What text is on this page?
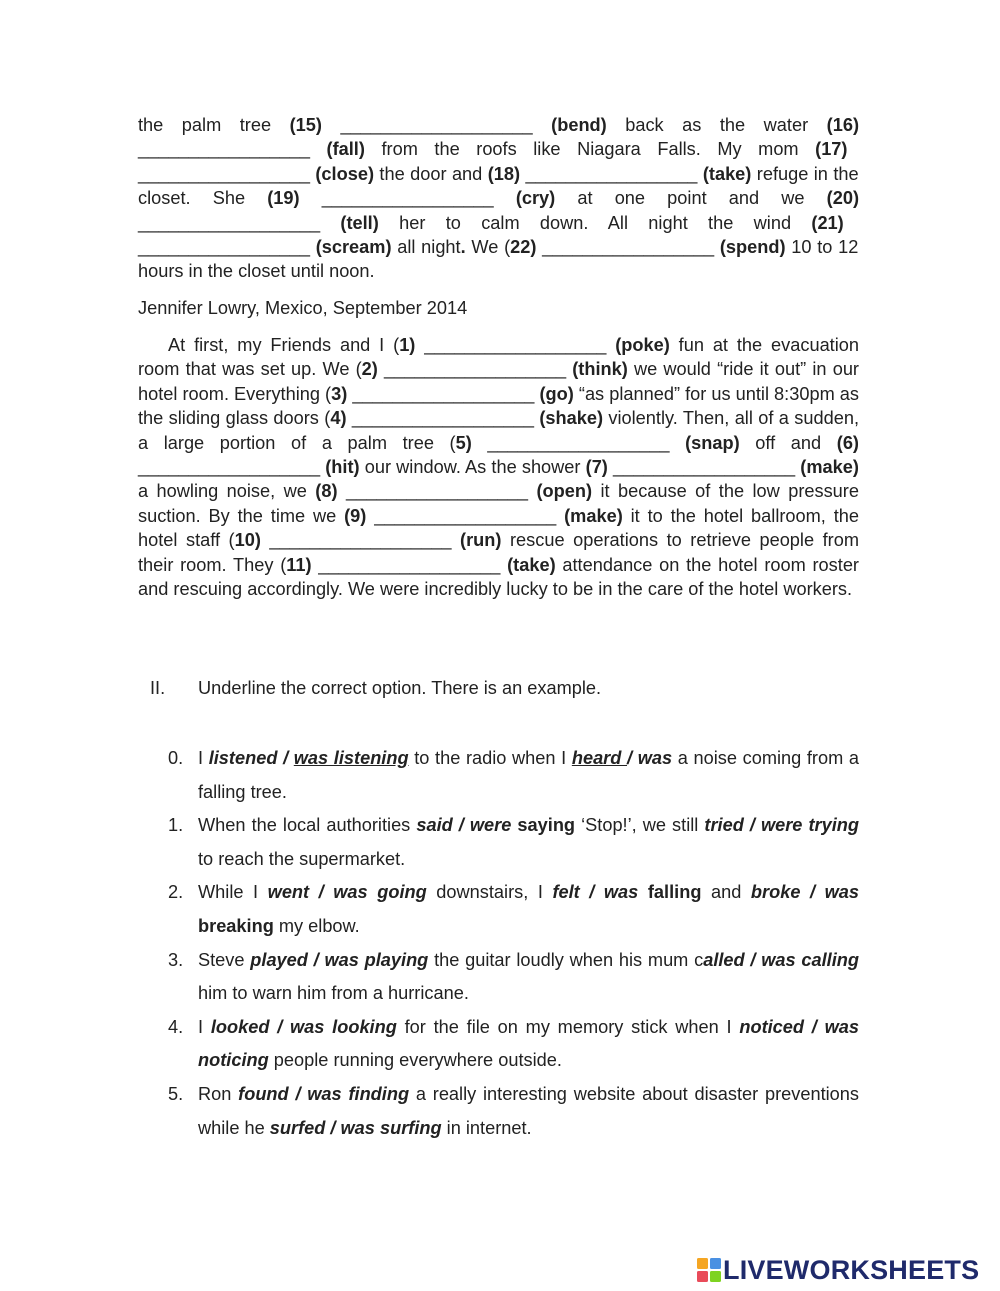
the palm tree (15) ___________________ (bend) back as the water (16) _________________ (fall) from the roofs like Niagara Falls. My mom (17) _________________ (close) the door and (18) _________________ (take) refuge in the closet. She (19) _________________ (cry) at one point and we (20) __________________ (tell) her to calm down. All night the wind (21) _________________ (scream) all night. We (22) _________________ (spend) 10 to 12 hours in the closet until noon.
Jennifer Lowry, Mexico, September 2014
At first, my Friends and I (1) __________________ (poke) fun at the evacuation room that was set up. We (2) __________________ (think) we would “ride it out” in our hotel room. Everything (3) __________________ (go) “as planned” for us until 8:30pm as the sliding glass doors (4) __________________ (shake) violently. Then, all of a sudden, a large portion of a palm tree (5) __________________ (snap) off and (6) __________________ (hit) our window. As the shower (7) __________________ (make) a howling noise, we (8) __________________ (open) it because of the low pressure suction. By the time we (9) __________________ (make) it to the hotel ballroom, the hotel staff (10) __________________ (run) rescue operations to retrieve people from their room. They (11) __________________ (take) attendance on the hotel room roster and rescuing accordingly. We were incredibly lucky to be in the care of the hotel workers.
II. Underline the correct option. There is an example.
0. I listened / was listening to the radio when I heard / was a noise coming from a falling tree.
1. When the local authorities said / were saying ‘Stop!’, we still tried / were trying to reach the supermarket.
2. While I went / was going downstairs, I felt / was falling and broke / was breaking my elbow.
3. Steve played / was playing the guitar loudly when his mum called / was calling him to warn him from a hurricane.
4. I looked / was looking for the file on my memory stick when I noticed / was noticing people running everywhere outside.
5. Ron found / was finding a really interesting website about disaster preventions while he surfed / was surfing in internet.
LIVEWORKSHEETS
